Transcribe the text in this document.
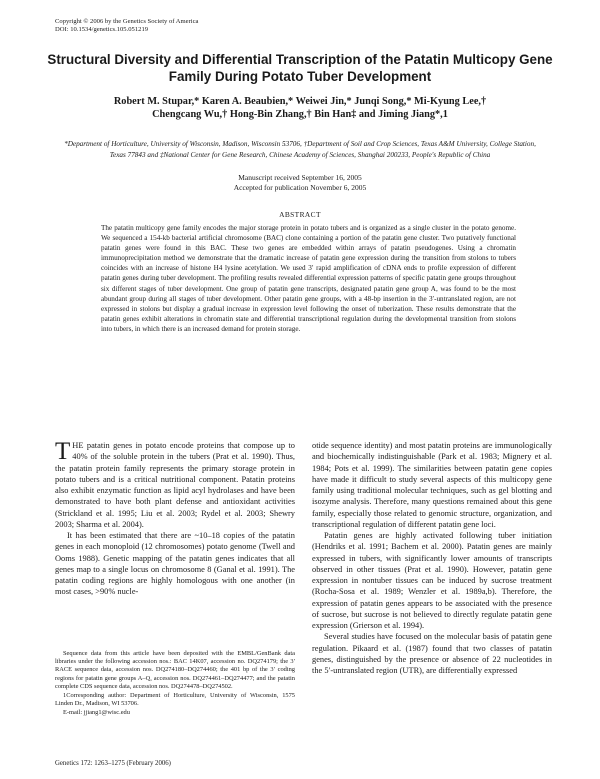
Copyright © 2006 by the Genetics Society of America
DOI: 10.1534/genetics.105.051219
Structural Diversity and Differential Transcription of the Patatin Multicopy Gene Family During Potato Tuber Development
Robert M. Stupar,* Karen A. Beaubien,* Weiwei Jin,* Junqi Song,* Mi-Kyung Lee,†
Chengcang Wu,† Hong-Bin Zhang,† Bin Han‡ and Jiming Jiang*,1
*Department of Horticulture, University of Wisconsin, Madison, Wisconsin 53706, †Department of Soil and Crop Sciences, Texas A&M University, College Station, Texas 77843 and ‡National Center for Gene Research, Chinese Academy of Sciences, Shanghai 200233, People's Republic of China
Manuscript received September 16, 2005
Accepted for publication November 6, 2005
ABSTRACT

The patatin multicopy gene family encodes the major storage protein in potato tubers and is organized as a single cluster in the potato genome. We sequenced a 154-kb bacterial artificial chromosome (BAC) clone containing a portion of the patatin gene cluster. Two putatively functional patatin genes were found in this BAC. These two genes are embedded within arrays of patatin pseudogenes. Using a chromatin immunoprecipitation method we demonstrate that the dramatic increase of patatin gene expression during the transition from stolons to tubers coincides with an increase of histone H4 lysine acetylation. We used 3′ rapid amplification of cDNA ends to profile expression of different patatin genes during tuber development. The profiling results revealed differential expression patterns of specific patatin gene groups throughout six different stages of tuber development. One group of patatin gene transcripts, designated patatin gene group A, was found to be the most abundant group during all stages of tuber development. Other patatin gene groups, with a 48-bp insertion in the 3′-untranslated region, are not expressed in stolons but display a gradual increase in expression level following the onset of tuberization. These results demonstrate that the patatin genes exhibit alterations in chromatin state and differential transcriptional regulation during the developmental transition from stolons into tubers, in which there is an increased demand for protein storage.

THE patatin genes in potato encode proteins that compose up to 40% of the soluble protein in the tubers (Prat et al. 1990). Thus, the patatin protein family represents the primary storage protein in potato tubers and is a critical nutritional component. Patatin proteins also exhibit enzymatic function as lipid acyl hydrolases and have been demonstrated to have both plant defense and antioxidant activities (Strickland et al. 1995; Liu et al. 2003; Rydel et al. 2003; Shewry 2003; Sharma et al. 2004).

It has been estimated that there are ~10–18 copies of the patatin genes in each monoploid (12 chromosomes) potato genome (Twell and Ooms 1988). Genetic mapping of the patatin genes indicates that all genes map to a single locus on chromosome 8 (Ganal et al. 1991). The patatin coding regions are highly homologous with one another (in most cases, >90% nucle-

otide sequence identity) and most patatin proteins are immunologically and biochemically indistinguishable (Park et al. 1983; Mignery et al. 1984; Pots et al. 1999). The similarities between patatin gene copies have made it difficult to study several aspects of this multicopy gene family using traditional molecular techniques, such as gel blotting and isozyme analysis. Therefore, many questions remained about this gene family, especially those related to genomic structure, organization, and transcriptional regulation of different patatin gene loci.

Patatin genes are highly activated following tuber initiation (Hendriks et al. 1991; Bachem et al. 2000). Patatin genes are mainly expressed in tubers, with significantly lower amounts of transcripts observed in other tissues (Prat et al. 1990). However, patatin gene expression in nontuber tissues can be induced by sucrose treatment (Rocha-Sosa et al. 1989; Wenzler et al. 1989a,b). Therefore, the expression of patatin genes appears to be associated with the presence of sucrose, but sucrose is not believed to directly regulate patatin gene expression (Grierson et al. 1994).

Several studies have focused on the molecular basis of patatin gene regulation. Pikaard et al. (1987) found that two classes of patatin genes, distinguished by the presence or absence of 22 nucleotides in the 5′-untranslated region (UTR), are differentially expressed

Sequence data from this article have been deposited with the EMBL/GenBank data libraries under the following accession nos.: BAC 14K07, accession no. DQ274179; the 3′ RACE sequence data, accession nos. DQ274180–DQ274460; the 401 bp of the 3′ coding regions for patatin gene groups A–Q, accession nos. DQ274461–DQ274477; and the patatin complete CDS sequence data, accession nos. DQ274478–DQ274502.

1Corresponding author: Department of Horticulture, University of Wisconsin, 1575 Linden Dr., Madison, WI 53706.

E-mail: jjiang1@wisc.edu

Genetics 172: 1263–1275 (February 2006)
